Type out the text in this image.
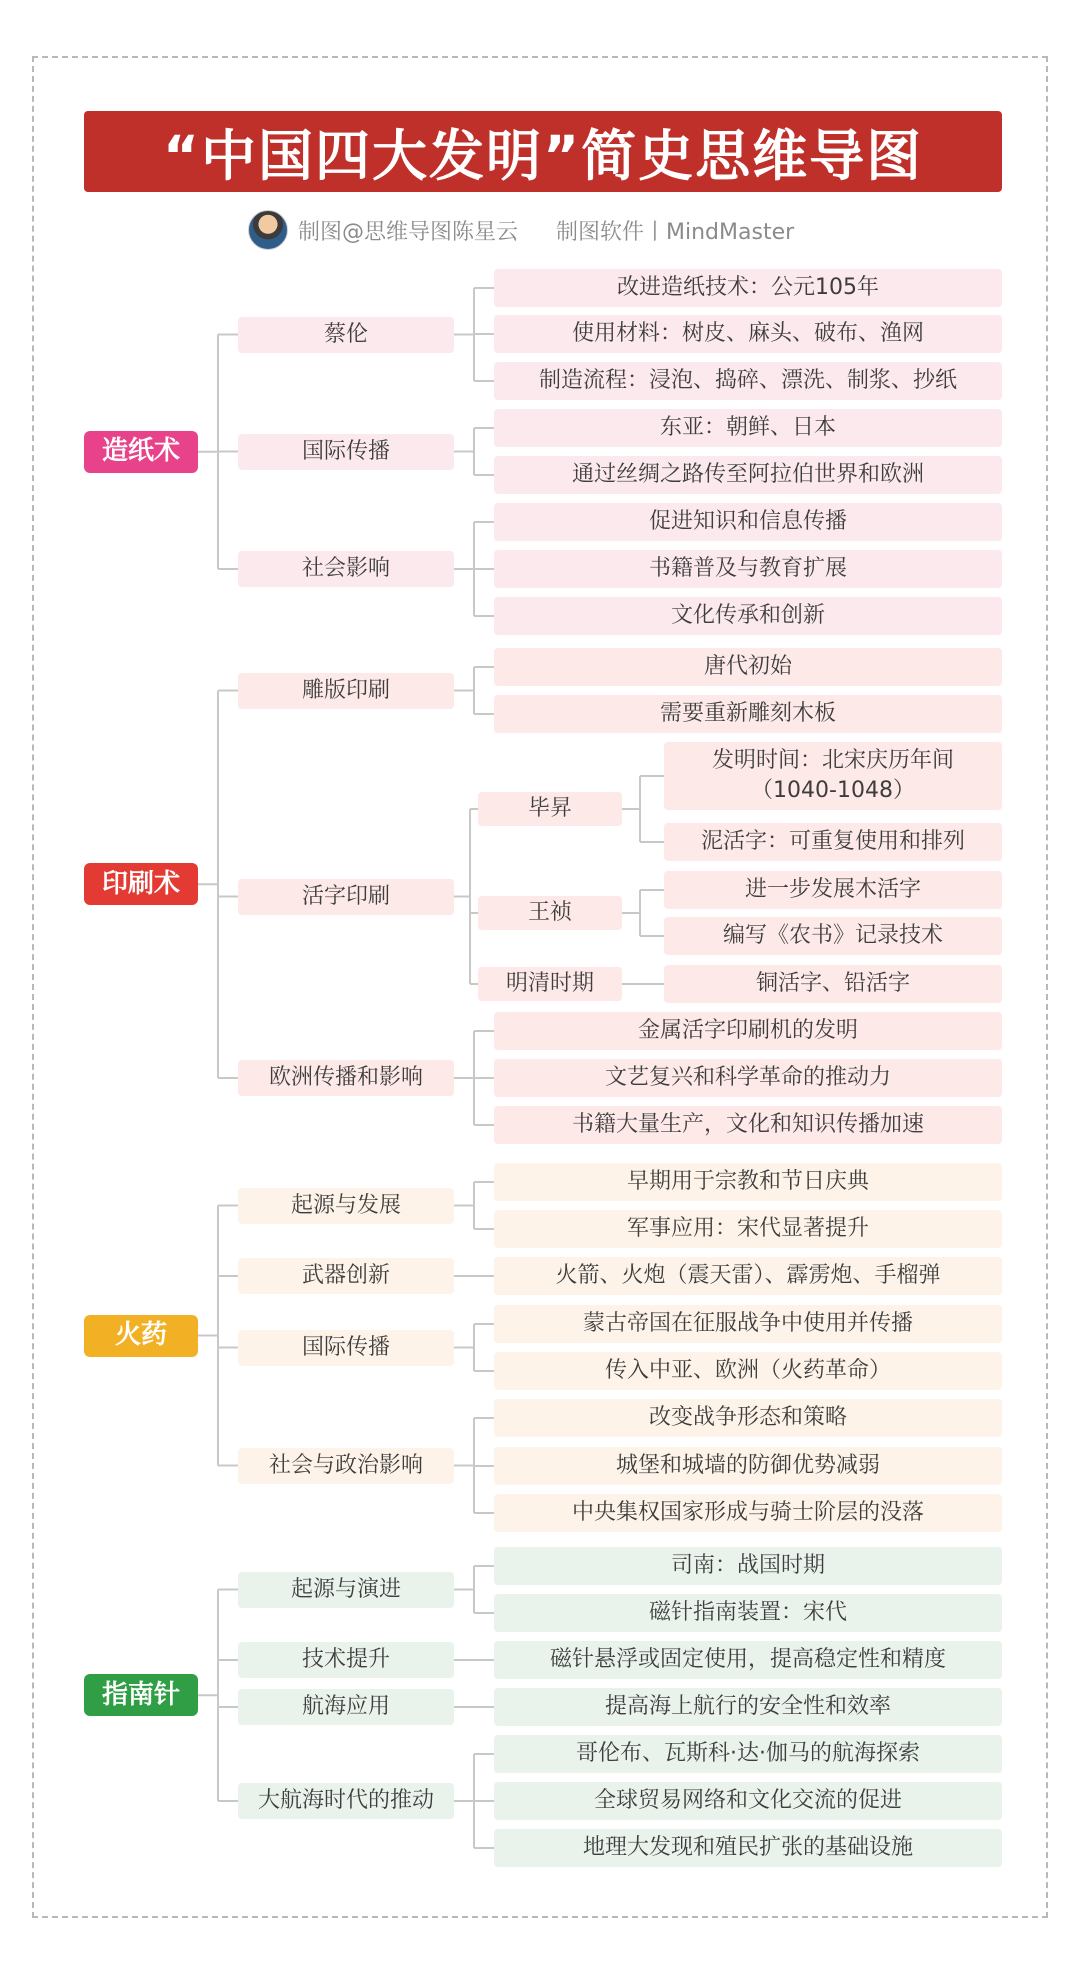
“中国四大发明”简史思维导图
制图@思维导图陈星云 制图软件丨MindMaster
改进造纸技术：公元105年
使用材料：树皮、麻头、破布、渔网
制造流程：浸泡、捣碎、漂洗、制浆、抄纸
蔡伦
东亚：朝鲜、日本
通过丝绸之路传至阿拉伯世界和欧洲
国际传播
促进知识和信息传播
书籍普及与教育扩展
文化传承和创新
社会影响
造纸术
唐代初始
需要重新雕刻木板
雕版印刷
发明时间：北宋庆历年间（1040-1048）
泥活字：可重复使用和排列
毕昇
进一步发展木活字
编写《农书》记录技术
王祯
铜活字、铅活字
明清时期
活字印刷
金属活字印刷机的发明
文艺复兴和科学革命的推动力
书籍大量生产，文化和知识传播加速
欧洲传播和影响
印刷术
早期用于宗教和节日庆典
军事应用：宋代显著提升
起源与发展
火箭、火炮（震天雷）、霹雳炮、手榴弹
武器创新
蒙古帝国在征服战争中使用并传播
传入中亚、欧洲（火药革命）
国际传播
改变战争形态和策略
城堡和城墙的防御优势减弱
中央集权国家形成与骑士阶层的没落
社会与政治影响
火药
司南：战国时期
磁针指南装置：宋代
起源与演进
磁针悬浮或固定使用，提高稳定性和精度
技术提升
提高海上航行的安全性和效率
航海应用
哥伦布、瓦斯科·达·伽马的航海探索
全球贸易网络和文化交流的促进
地理大发现和殖民扩张的基础设施
大航海时代的推动
指南针
